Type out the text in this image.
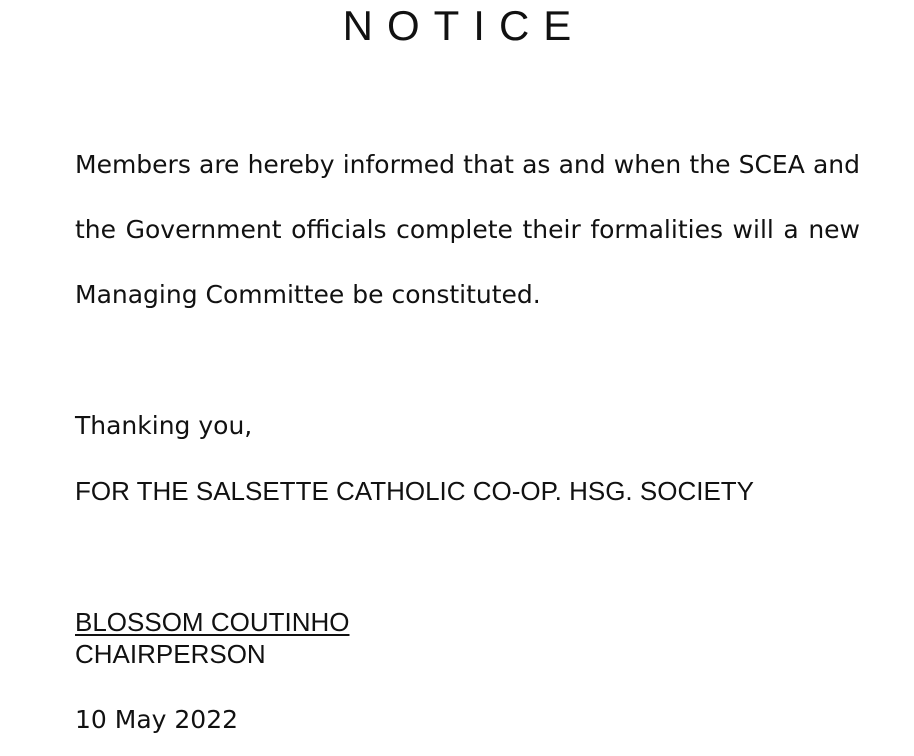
NOTICE

Members are hereby informed that as and when the SCEA and the Government officials complete their formalities will a new Managing Committee be constituted.

Thanking you,

FOR THE SALSETTE CATHOLIC CO-OP. HSG. SOCIETY

BLOSSOM COUTINHO
CHAIRPERSON

10 May 2022
